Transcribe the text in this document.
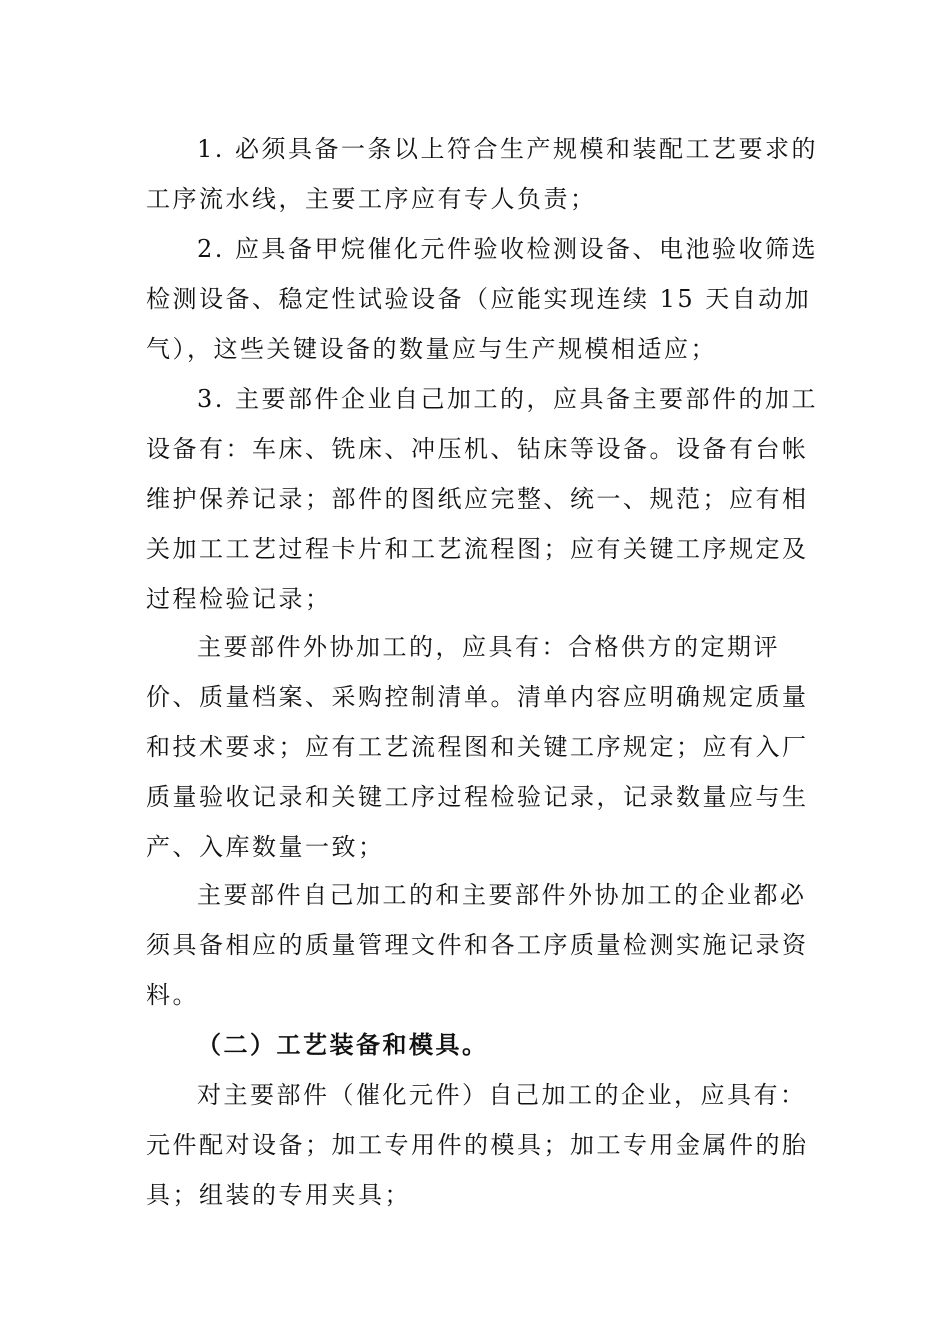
1. 必须具备一条以上符合生产规模和装配工艺要求的工序流水线，主要工序应有专人负责；

2. 应具备甲烷催化元件验收检测设备、电池验收筛选检测设备、稳定性试验设备（应能实现连续 15 天自动加气），这些关键设备的数量应与生产规模相适应；

3. 主要部件企业自己加工的，应具备主要部件的加工设备有：车床、铣床、冲压机、钻床等设备。设备有台帐维护保养记录；部件的图纸应完整、统一、规范；应有相关加工工艺过程卡片和工艺流程图；应有关键工序规定及过程检验记录；

主要部件外协加工的，应具有：合格供方的定期评价、质量档案、采购控制清单。清单内容应明确规定质量和技术要求；应有工艺流程图和关键工序规定；应有入厂质量验收记录和关键工序过程检验记录，记录数量应与生产、入库数量一致；

主要部件自己加工的和主要部件外协加工的企业都必须具备相应的质量管理文件和各工序质量检测实施记录资料。

（二）工艺装备和模具。

对主要部件（催化元件）自己加工的企业，应具有：元件配对设备；加工专用件的模具；加工专用金属件的胎具；组装的专用夹具；
